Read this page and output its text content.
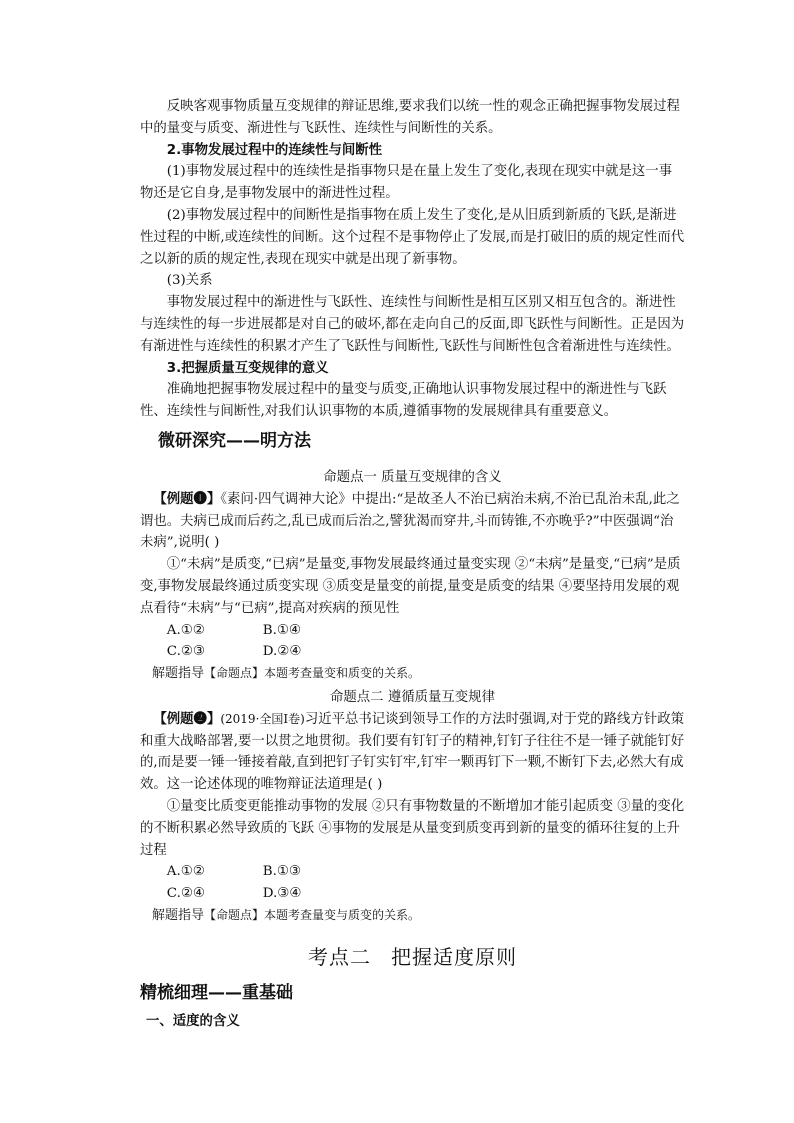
反映客观事物质量互变规律的辩证思维,要求我们以统一性的观念正确把握事物发展过程中的量变与质变、渐进性与飞跃性、连续性与间断性的关系。

2.事物发展过程中的连续性与间断性

(1)事物发展过程中的连续性是指事物只是在量上发生了变化,表现在现实中就是这一事物还是它自身,是事物发展中的渐进性过程。

(2)事物发展过程中的间断性是指事物在质上发生了变化,是从旧质到新质的飞跃,是渐进性过程的中断,或连续性的间断。这个过程不是事物停止了发展,而是打破旧的质的规定性而代之以新的质的规定性,表现在现实中就是出现了新事物。

(3)关系

事物发展过程中的渐进性与飞跃性、连续性与间断性是相互区别又相互包含的。渐进性与连续性的每一步进展都是对自己的破坏,都在走向自己的反面,即飞跃性与间断性。正是因为有渐进性与连续性的积累才产生了飞跃性与间断性,飞跃性与间断性包含着渐进性与连续性。

3.把握质量互变规律的意义

准确地把握事物发展过程中的量变与质变,正确地认识事物发展过程中的渐进性与飞跃性、连续性与间断性,对我们认识事物的本质,遵循事物的发展规律具有重要意义。

微研深究——明方法

命题点一 质量互变规律的含义

【例题❶】《素问·四气调神大论》中提出:“是故圣人不治已病治未病,不治已乱治未乱,此之谓也。夫病已成而后药之,乱已成而后治之,譬犹渴而穿井,斗而铸锥,不亦晚乎?”中医强调“治未病”,说明( )

①“未病”是质变,“已病”是量变,事物发展最终通过量变实现 ②“未病”是量变,“已病”是质变,事物发展最终通过质变实现 ③质变是量变的前提,量变是质变的结果 ④要坚持用发展的观点看待“未病”与“已病”,提高对疾病的预见性

A.①②	B.①④
C.②③	D.②④

解题指导【命题点】本题考查量变和质变的关系。

命题点二 遵循质量互变规律

【例题❷】(2019·全国Ⅰ卷)习近平总书记谈到领导工作的方法时强调,对于党的路线方针政策和重大战略部署,要一以贯之地贯彻。我们要有钉钉子的精神,钉钉子往往不是一锤子就能钉好的,而是要一锤一锤接着敲,直到把钉子钉实钉牢,钉牢一颗再钉下一颗,不断钉下去,必然大有成效。这一论述体现的唯物辩证法道理是( )

①量变比质变更能推动事物的发展 ②只有事物数量的不断增加才能引起质变 ③量的变化的不断积累必然导致质的飞跃 ④事物的发展是从量变到质变再到新的量变的循环往复的上升过程

A.①②	B.①③
C.②④	D.③④

解题指导【命题点】本题考查量变与质变的关系。

考点二 把握适度原则
精梳细理——重基础
一、适度的含义
